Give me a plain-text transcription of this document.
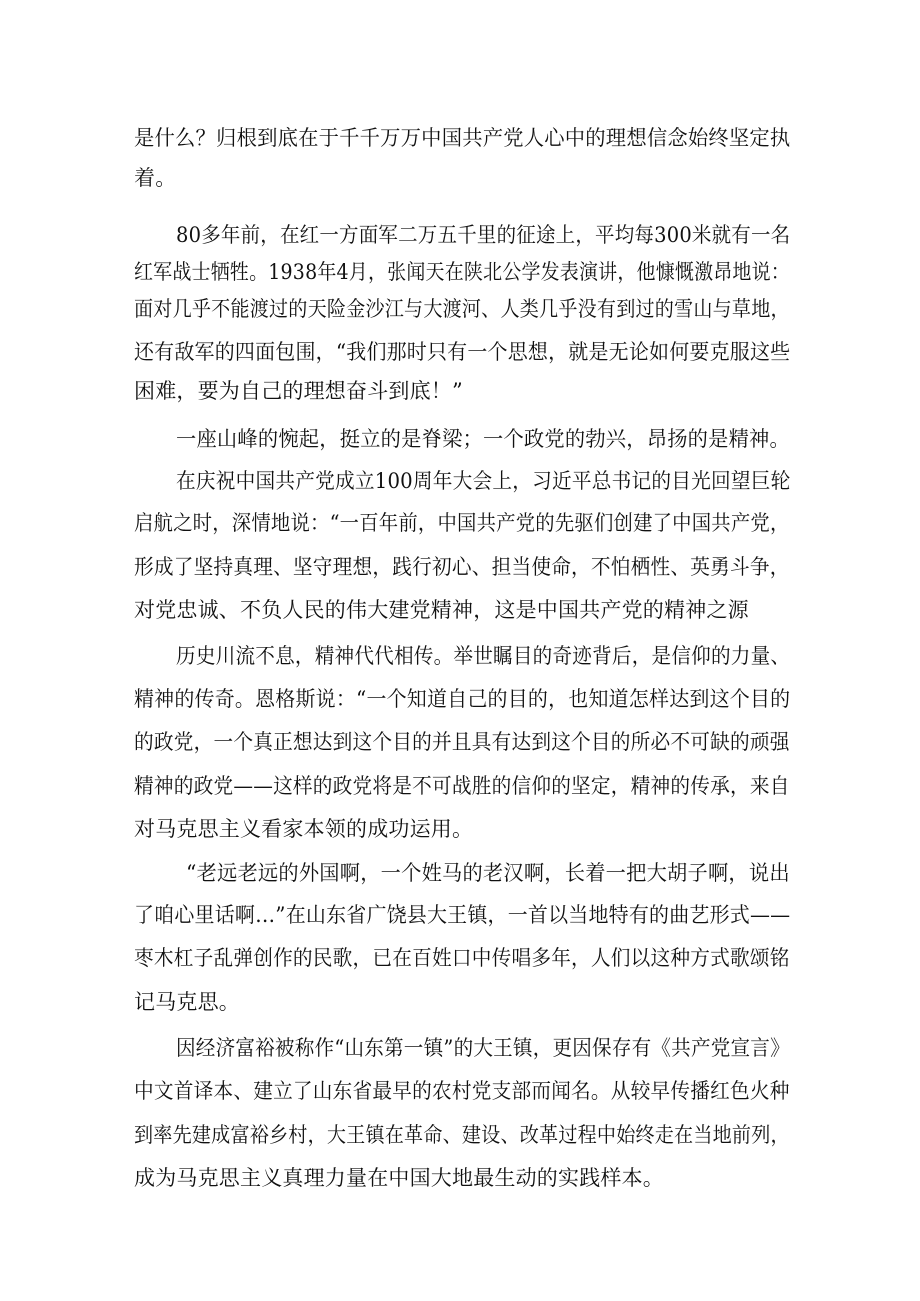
是什么？归根到底在于千千万万中国共产党人心中的理想信念始终坚定执
着。
80多年前，在红一方面军二万五千里的征途上，平均每300米就有一名
红军战士牺牲。1938年4月，张闻天在陕北公学发表演讲，他慷慨激昂地说：
面对几乎不能渡过的天险金沙江与大渡河、人类几乎没有到过的雪山与草地，
还有敌军的四面包围，“我们那时只有一个思想，就是无论如何要克服这些
困难，要为自己的理想奋斗到底！”
一座山峰的惋起，挺立的是脊梁；一个政党的勃兴，昂扬的是精神。
在庆祝中国共产党成立100周年大会上，习近平总书记的目光回望巨轮
启航之时，深情地说：“一百年前，中国共产党的先驱们创建了中国共产党，
形成了坚持真理、坚守理想，践行初心、担当使命，不怕栖性、英勇斗争，
对党忠诚、不负人民的伟大建党精神，这是中国共产党的精神之源
历史川流不息，精神代代相传。举世瞩目的奇迹背后，是信仰的力量、
精神的传奇。恩格斯说：“一个知道自己的目的，也知道怎样达到这个目的
的政党，一个真正想达到这个目的并且具有达到这个目的所必不可缺的顽强
精神的政党——这样的政党将是不可战胜的信仰的坚定，精神的传承，来自
对马克思主义看家本领的成功运用。
“老远老远的外国啊，一个姓马的老汉啊，长着一把大胡子啊，说出
了咱心里话啊…”在山东省广饶县大王镇，一首以当地特有的曲艺形式——
枣木杠子乱弹创作的民歌，已在百姓口中传唱多年，人们以这种方式歌颂铭
记马克思。
因经济富裕被称作“山东第一镇”的大王镇，更因保存有《共产党宣言》
中文首译本、建立了山东省最早的农村党支部而闻名。从较早传播红色火种
到率先建成富裕乡村，大王镇在革命、建设、改革过程中始终走在当地前列，
成为马克思主义真理力量在中国大地最生动的实践样本。
